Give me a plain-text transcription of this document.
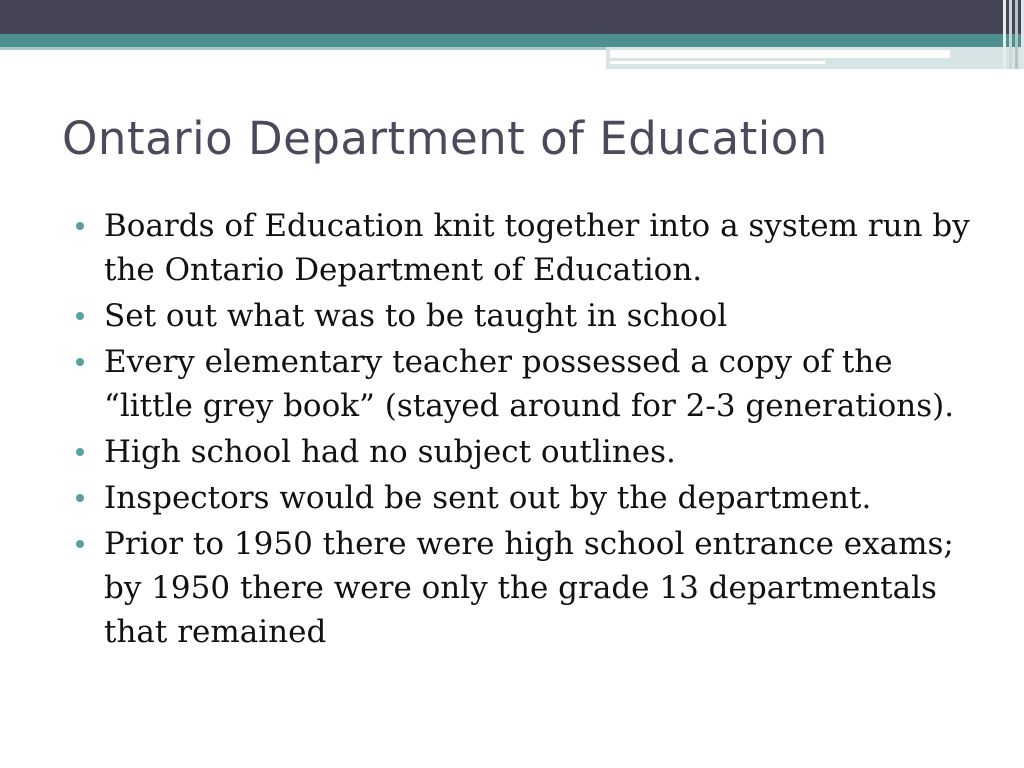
Ontario Department of Education
Boards of Education knit together into a system run by the Ontario Department of Education.
Set out what was to be taught in school
Every elementary teacher possessed a copy of the “little grey book” (stayed around for 2-3 generations).
High school had no subject outlines.
Inspectors would be sent out by the department.
Prior to 1950 there were high school entrance exams; by 1950 there were only the grade 13 departmentals that remained
